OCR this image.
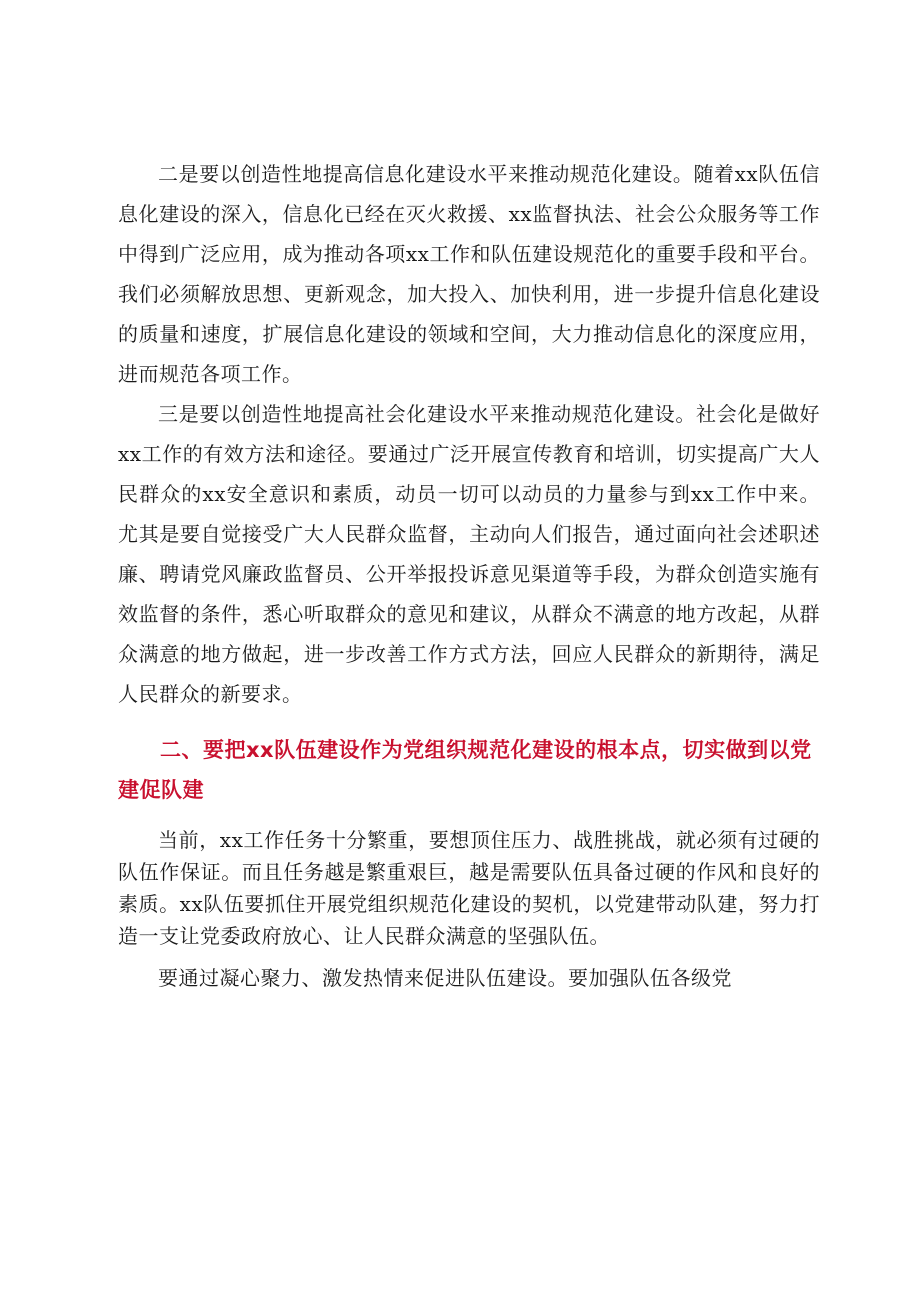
二是要以创造性地提高信息化建设水平来推动规范化建设。随着xx队伍信息化建设的深入，信息化已经在灭火救援、xx监督执法、社会公众服务等工作中得到广泛应用，成为推动各项xx工作和队伍建设规范化的重要手段和平台。我们必须解放思想、更新观念，加大投入、加快利用，进一步提升信息化建设的质量和速度，扩展信息化建设的领域和空间，大力推动信息化的深度应用，进而规范各项工作。

三是要以创造性地提高社会化建设水平来推动规范化建设。社会化是做好xx工作的有效方法和途径。要通过广泛开展宣传教育和培训，切实提高广大人民群众的xx安全意识和素质，动员一切可以动员的力量参与到xx工作中来。尤其是要自觉接受广大人民群众监督，主动向人们报告，通过面向社会述职述廉、聘请党风廉政监督员、公开举报投诉意见渠道等手段，为群众创造实施有效监督的条件，悉心听取群众的意见和建议，从群众不满意的地方改起，从群众满意的地方做起，进一步改善工作方式方法，回应人民群众的新期待，满足人民群众的新要求。

二、要把xx队伍建设作为党组织规范化建设的根本点，切实做到以党建促队建

当前，xx工作任务十分繁重，要想顶住压力、战胜挑战，就必须有过硬的队伍作保证。而且任务越是繁重艰巨，越是需要队伍具备过硬的作风和良好的素质。xx队伍要抓住开展党组织规范化建设的契机，以党建带动队建，努力打造一支让党委政府放心、让人民群众满意的坚强队伍。

要通过凝心聚力、激发热情来促进队伍建设。要加强队伍各级党
